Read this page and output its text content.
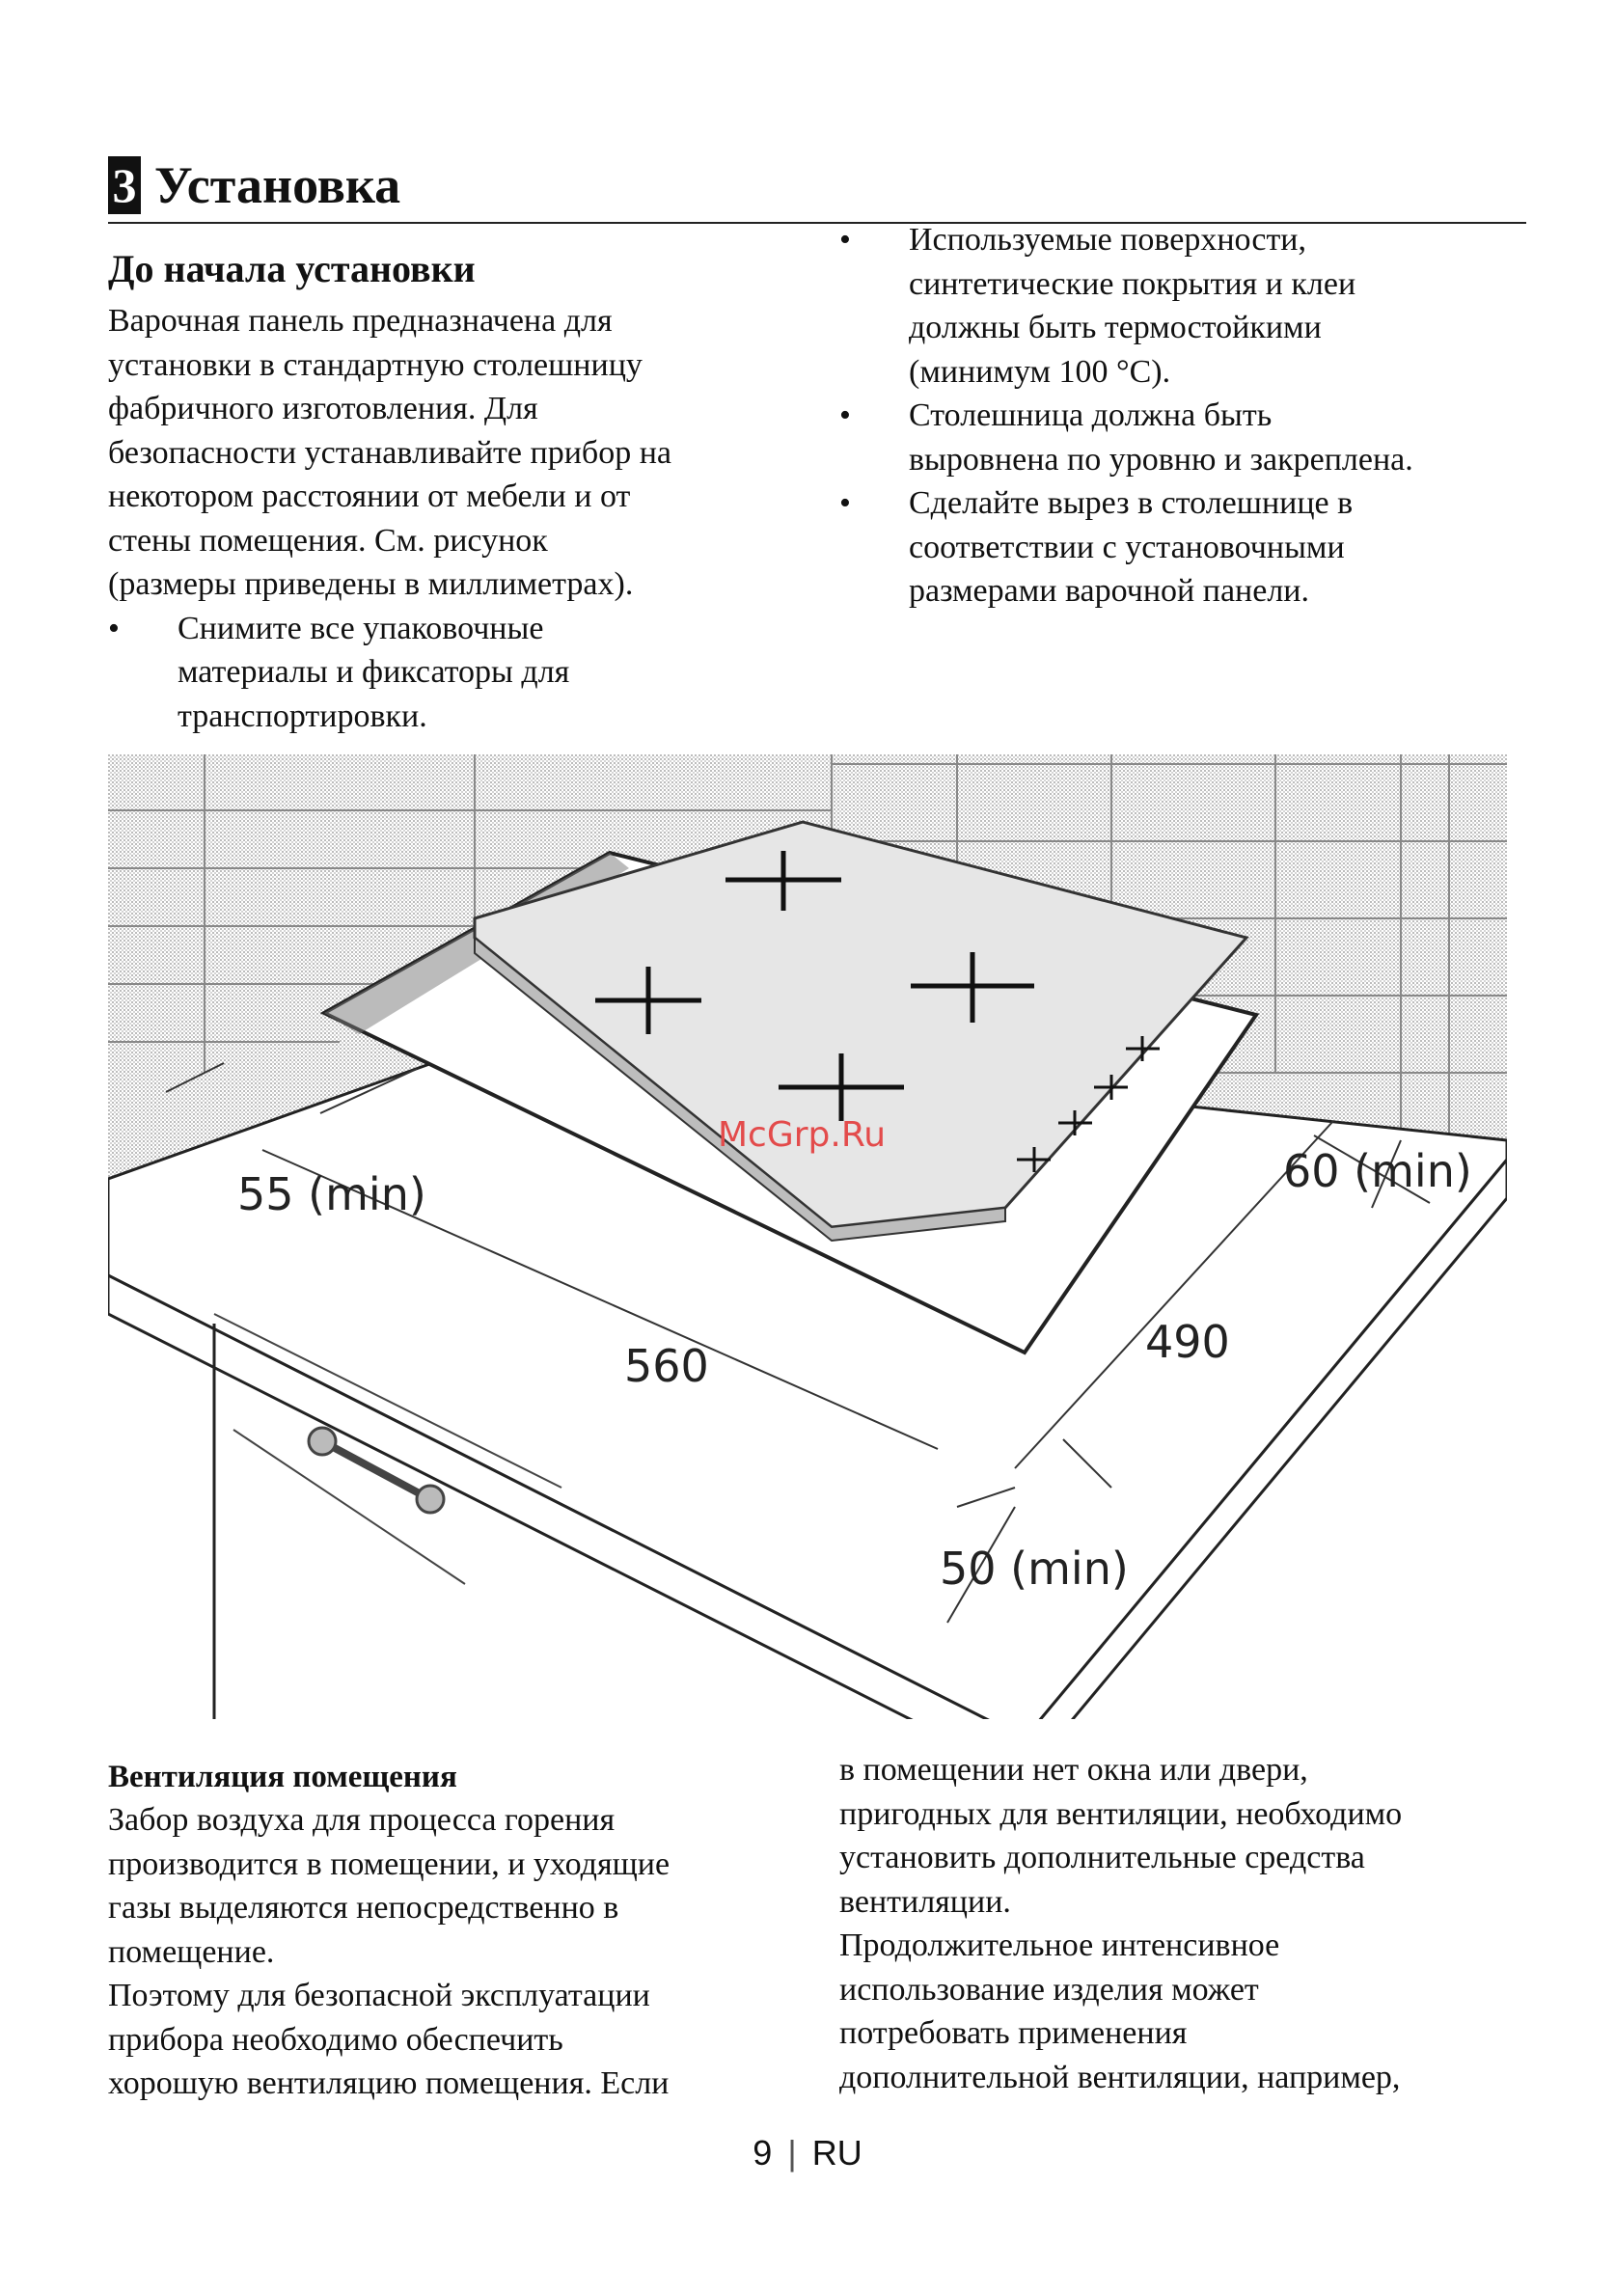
3 Установка
До начала установки

Варочная панель предназначена для

установки в стандартную столешницу

фабричного изготовления. Для

безопасности устанавливайте прибор на

некотором расстоянии от мебели и от

стены помещения. См. рисунок

(размеры приведены в миллиметрах).

•	Снимите все упаковочные
материалы и фиксаторы для
транспортировки.
•	Используемые поверхности,
синтетические покрытия и клеи
должны быть термостойкими
(минимум 100 °C).
•	Столешница должна быть
выровнена по уровню и закреплена.
•	Сделайте вырез в столешнице в
соответствии с установочными
размерами варочной панели.
55 (min)	60 (min)
560	490
50 (min)
McGrp.Ru
Вентиляция помещения

Забор воздуха для процесса горения

производится в помещении, и уходящие

газы выделяются непосредственно в

помещение.

Поэтому для безопасной эксплуатации

прибора необходимо обеспечить

хорошую вентиляцию помещения. Если

в помещении нет окна или двери,

пригодных для вентиляции, необходимо

установить дополнительные средства

вентиляции.

Продолжительное интенсивное

использование изделия может

потребовать применения

дополнительной вентиляции, например,

9 | RU
